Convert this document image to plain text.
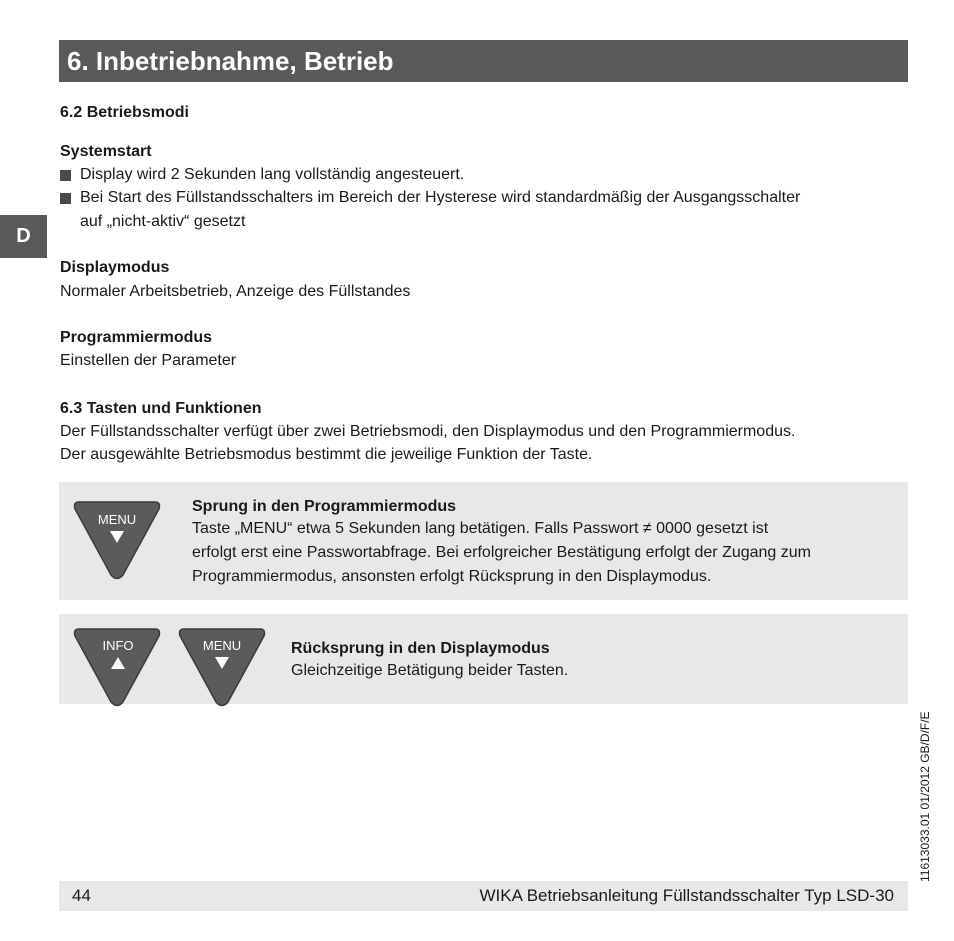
6. Inbetriebnahme, Betrieb
D
6.2 Betriebsmodi
Systemstart
Display wird 2 Sekunden lang vollständig angesteuert.
Bei Start des Füllstandsschalters im Bereich der Hysterese wird standardmäßig der Ausgangsschalter
auf „nicht-aktiv“ gesetzt
Displaymodus
Normaler Arbeitsbetrieb, Anzeige des Füllstandes
Programmiermodus
Einstellen der Parameter
6.3 Tasten und Funktionen
Der Füllstandsschalter verfügt über zwei Betriebsmodi, den Displaymodus und den Programmiermodus.
Der ausgewählte Betriebsmodus bestimmt die jeweilige Funktion der Taste.
MENU
Sprung in den Programmiermodus
Taste „MENU“ etwa 5 Sekunden lang betätigen. Falls Passwort ≠ 0000 gesetzt ist
erfolgt erst eine Passwortabfrage. Bei erfolgreicher Bestätigung erfolgt der Zugang zum
Programmiermodus, ansonsten erfolgt Rücksprung in den Displaymodus.
INFO	MENU	Rücksprung in den Displaymodus
Gleichzeitige Betätigung beider Tasten.
11613033.01 01/2012 GB/D/F/E
44	WIKA Betriebsanleitung Füllstandsschalter Typ LSD-30
